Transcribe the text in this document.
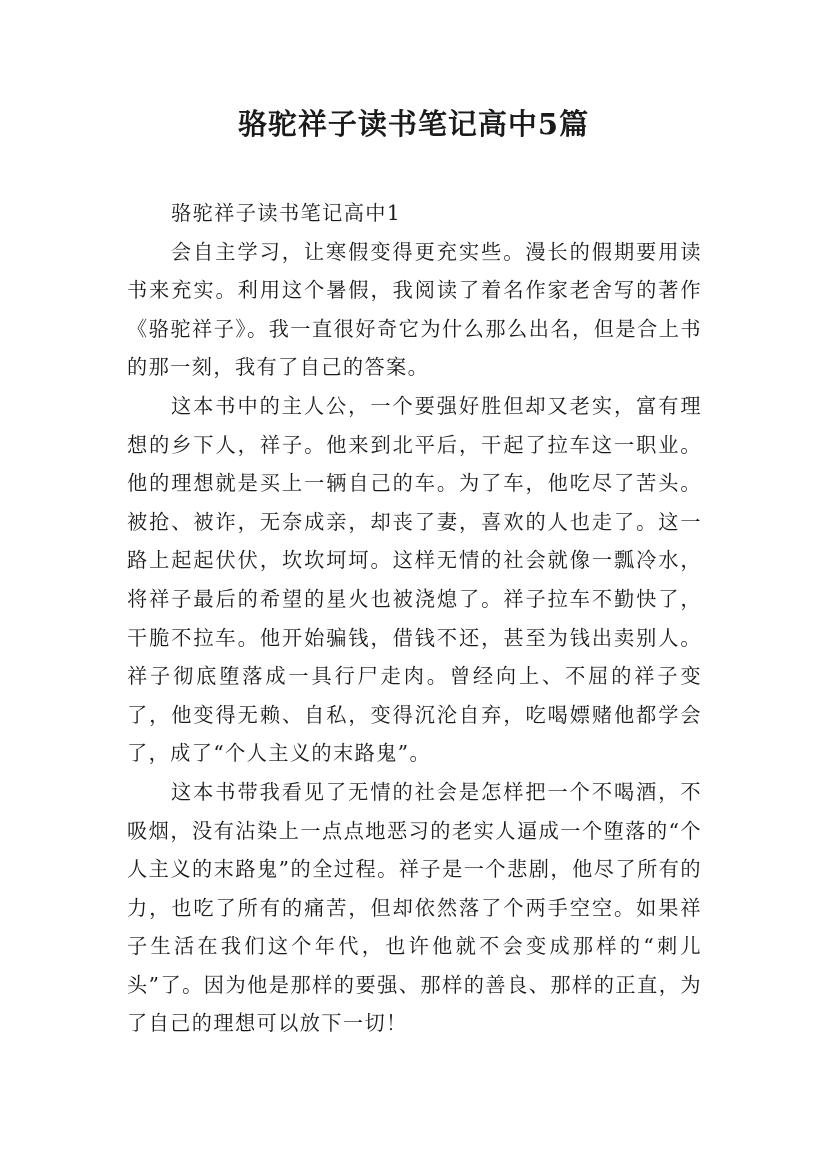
骆驼祥子读书笔记高中5篇
骆驼祥子读书笔记高中1

会自主学习，让寒假变得更充实些。漫长的假期要用读书来充实。利用这个暑假，我阅读了着名作家老舍写的著作《骆驼祥子》。我一直很好奇它为什么那么出名，但是合上书的那一刻，我有了自己的答案。

这本书中的主人公，一个要强好胜但却又老实，富有理想的乡下人，祥子。他来到北平后，干起了拉车这一职业。他的理想就是买上一辆自己的车。为了车，他吃尽了苦头。被抢、被诈，无奈成亲，却丧了妻，喜欢的人也走了。这一路上起起伏伏，坎坎坷坷。这样无情的社会就像一瓢冷水，将祥子最后的希望的星火也被浇熄了。祥子拉车不勤快了，干脆不拉车。他开始骗钱，借钱不还，甚至为钱出卖别人。祥子彻底堕落成一具行尸走肉。曾经向上、不屈的祥子变了，他变得无赖、自私，变得沉沦自弃，吃喝嫖赌他都学会了，成了“个人主义的末路鬼”。

这本书带我看见了无情的社会是怎样把一个不喝酒，不吸烟，没有沾染上一点点地恶习的老实人逼成一个堕落的“个人主义的末路鬼”的全过程。祥子是一个悲剧，他尽了所有的力，也吃了所有的痛苦，但却依然落了个两手空空。如果祥子生活在我们这个年代，也许他就不会变成那样的“刺儿头”了。因为他是那样的要强、那样的善良、那样的正直，为了自己的理想可以放下一切！
